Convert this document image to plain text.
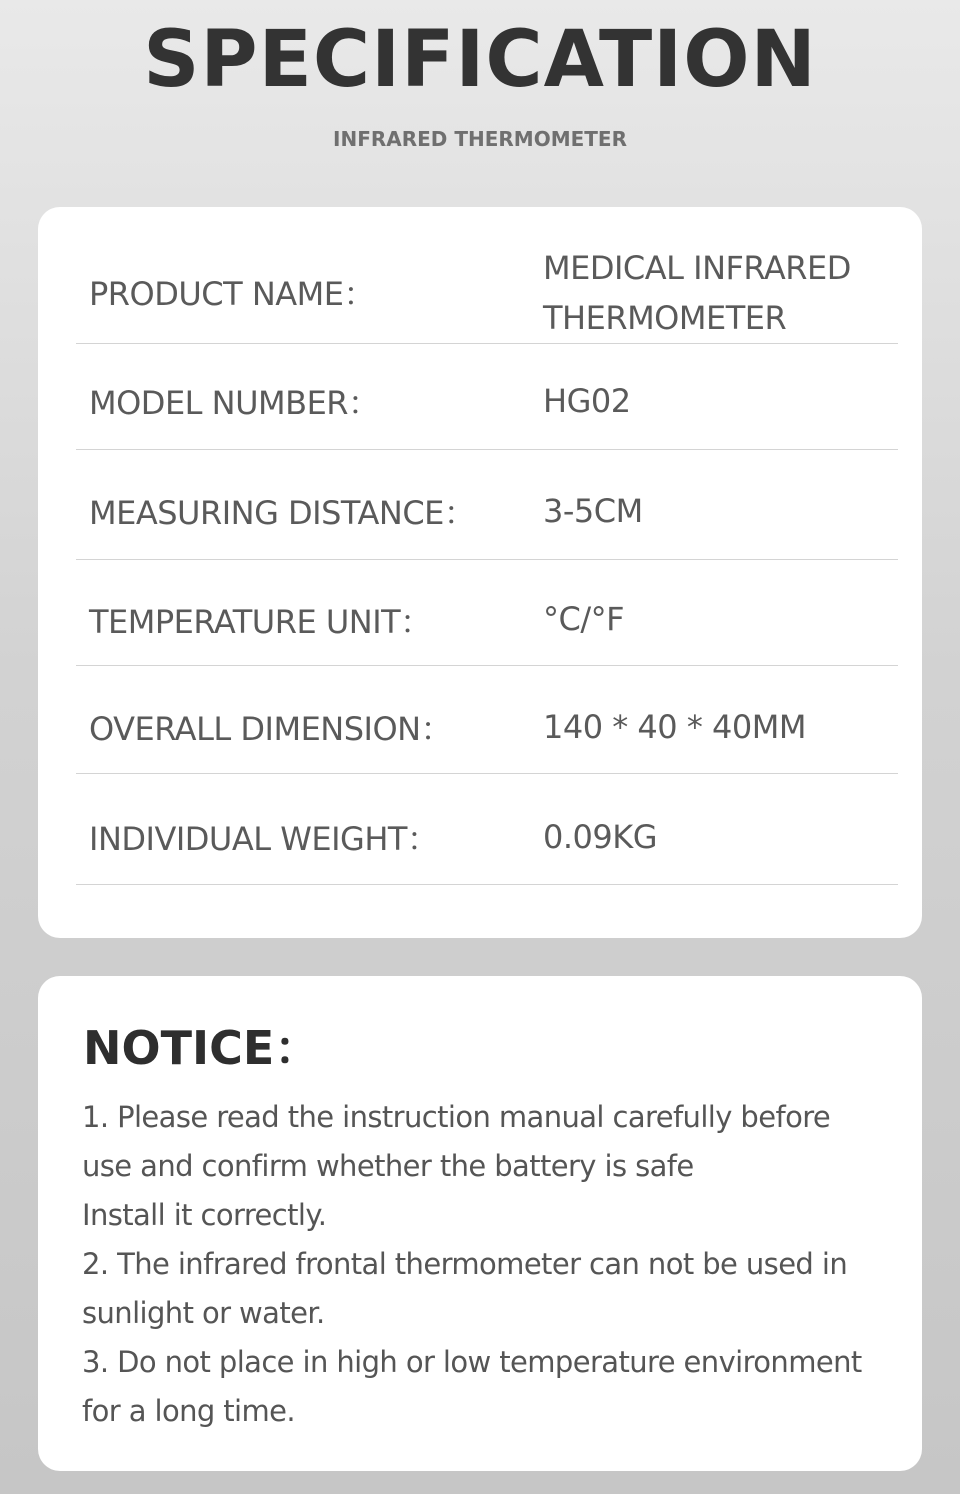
SPECIFICATION
INFRARED THERMOMETER
PRODUCT NAME：
MEDICAL INFRARED
THERMOMETER
MODEL NUMBER：	HG02
MEASURING DISTANCE： 3-5CM
TEMPERATURE UNIT：	°C/°F
OVERALL DIMENSION：	140 * 40 * 40MM
INDIVIDUAL WEIGHT：	0.09KG
NOTICE：
1. Please read the instruction manual carefully before
use and confirm whether the battery is safe
Install it correctly.
2. The infrared frontal thermometer can not be used in
sunlight or water.
3. Do not place in high or low temperature environment
for a long time.
